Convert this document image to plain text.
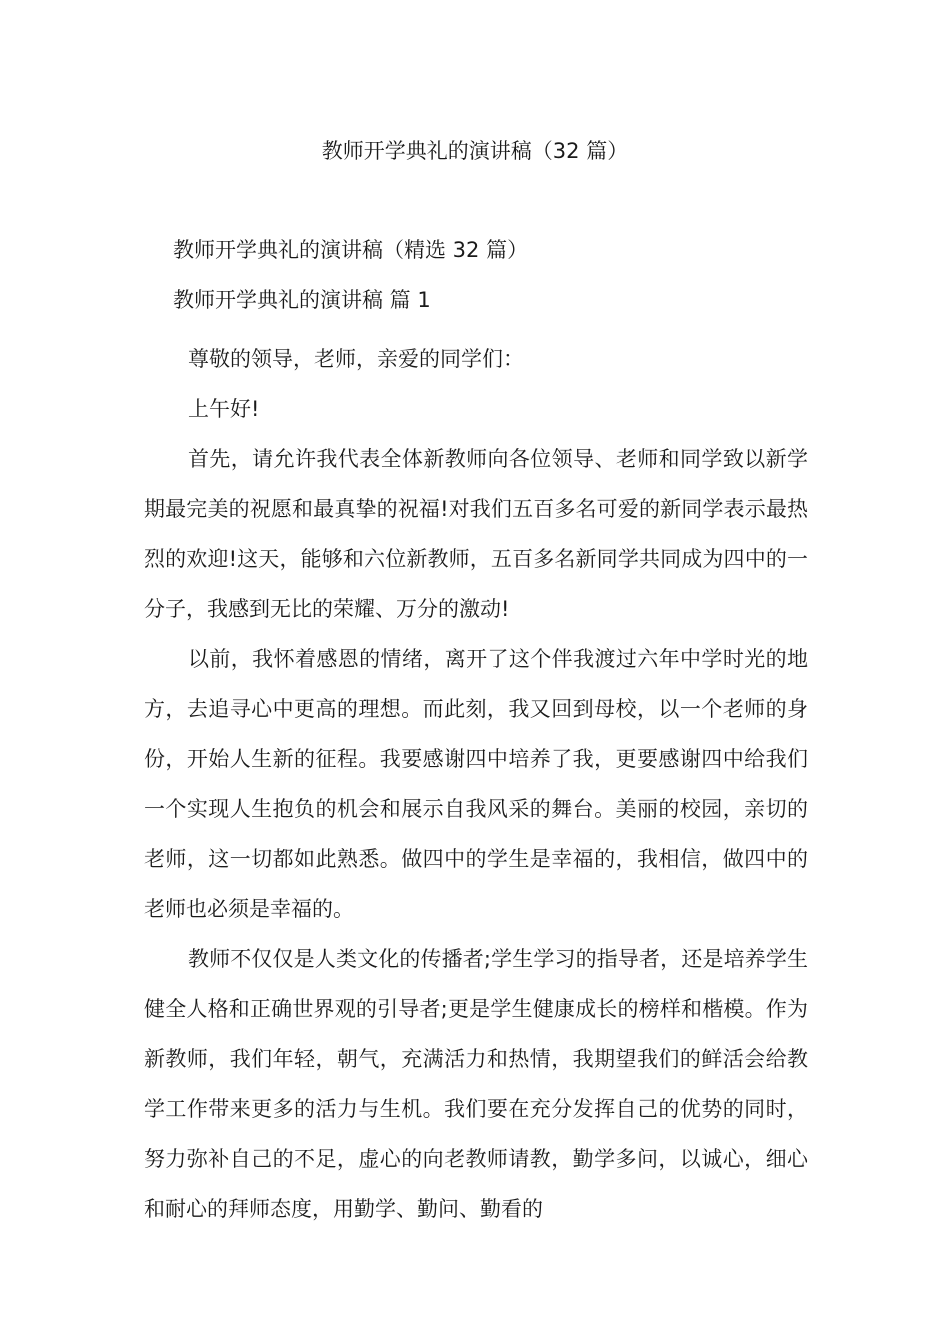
教师开学典礼的演讲稿（32 篇）

教师开学典礼的演讲稿（精选 32 篇）

教师开学典礼的演讲稿 篇 1

尊敬的领导，老师，亲爱的同学们：

上午好!

首先，请允许我代表全体新教师向各位领导、老师和同学致以新学期最完美的祝愿和最真挚的祝福!对我们五百多名可爱的新同学表示最热烈的欢迎!这天，能够和六位新教师，五百多名新同学共同成为四中的一分子，我感到无比的荣耀、万分的激动!

以前，我怀着感恩的情绪，离开了这个伴我渡过六年中学时光的地方，去追寻心中更高的理想。而此刻，我又回到母校，以一个老师的身份，开始人生新的征程。我要感谢四中培养了我，更要感谢四中给我们一个实现人生抱负的机会和展示自我风采的舞台。美丽的校园，亲切的老师，这一切都如此熟悉。做四中的学生是幸福的，我相信，做四中的老师也必须是幸福的。

教师不仅仅是人类文化的传播者;学生学习的指导者，还是培养学生健全人格和正确世界观的引导者;更是学生健康成长的榜样和楷模。作为新教师，我们年轻，朝气，充满活力和热情，我期望我们的鲜活会给教学工作带来更多的活力与生机。我们要在充分发挥自己的优势的同时，努力弥补自己的不足，虚心的向老教师请教，勤学多问，以诚心，细心和耐心的拜师态度，用勤学、勤问、勤看的
